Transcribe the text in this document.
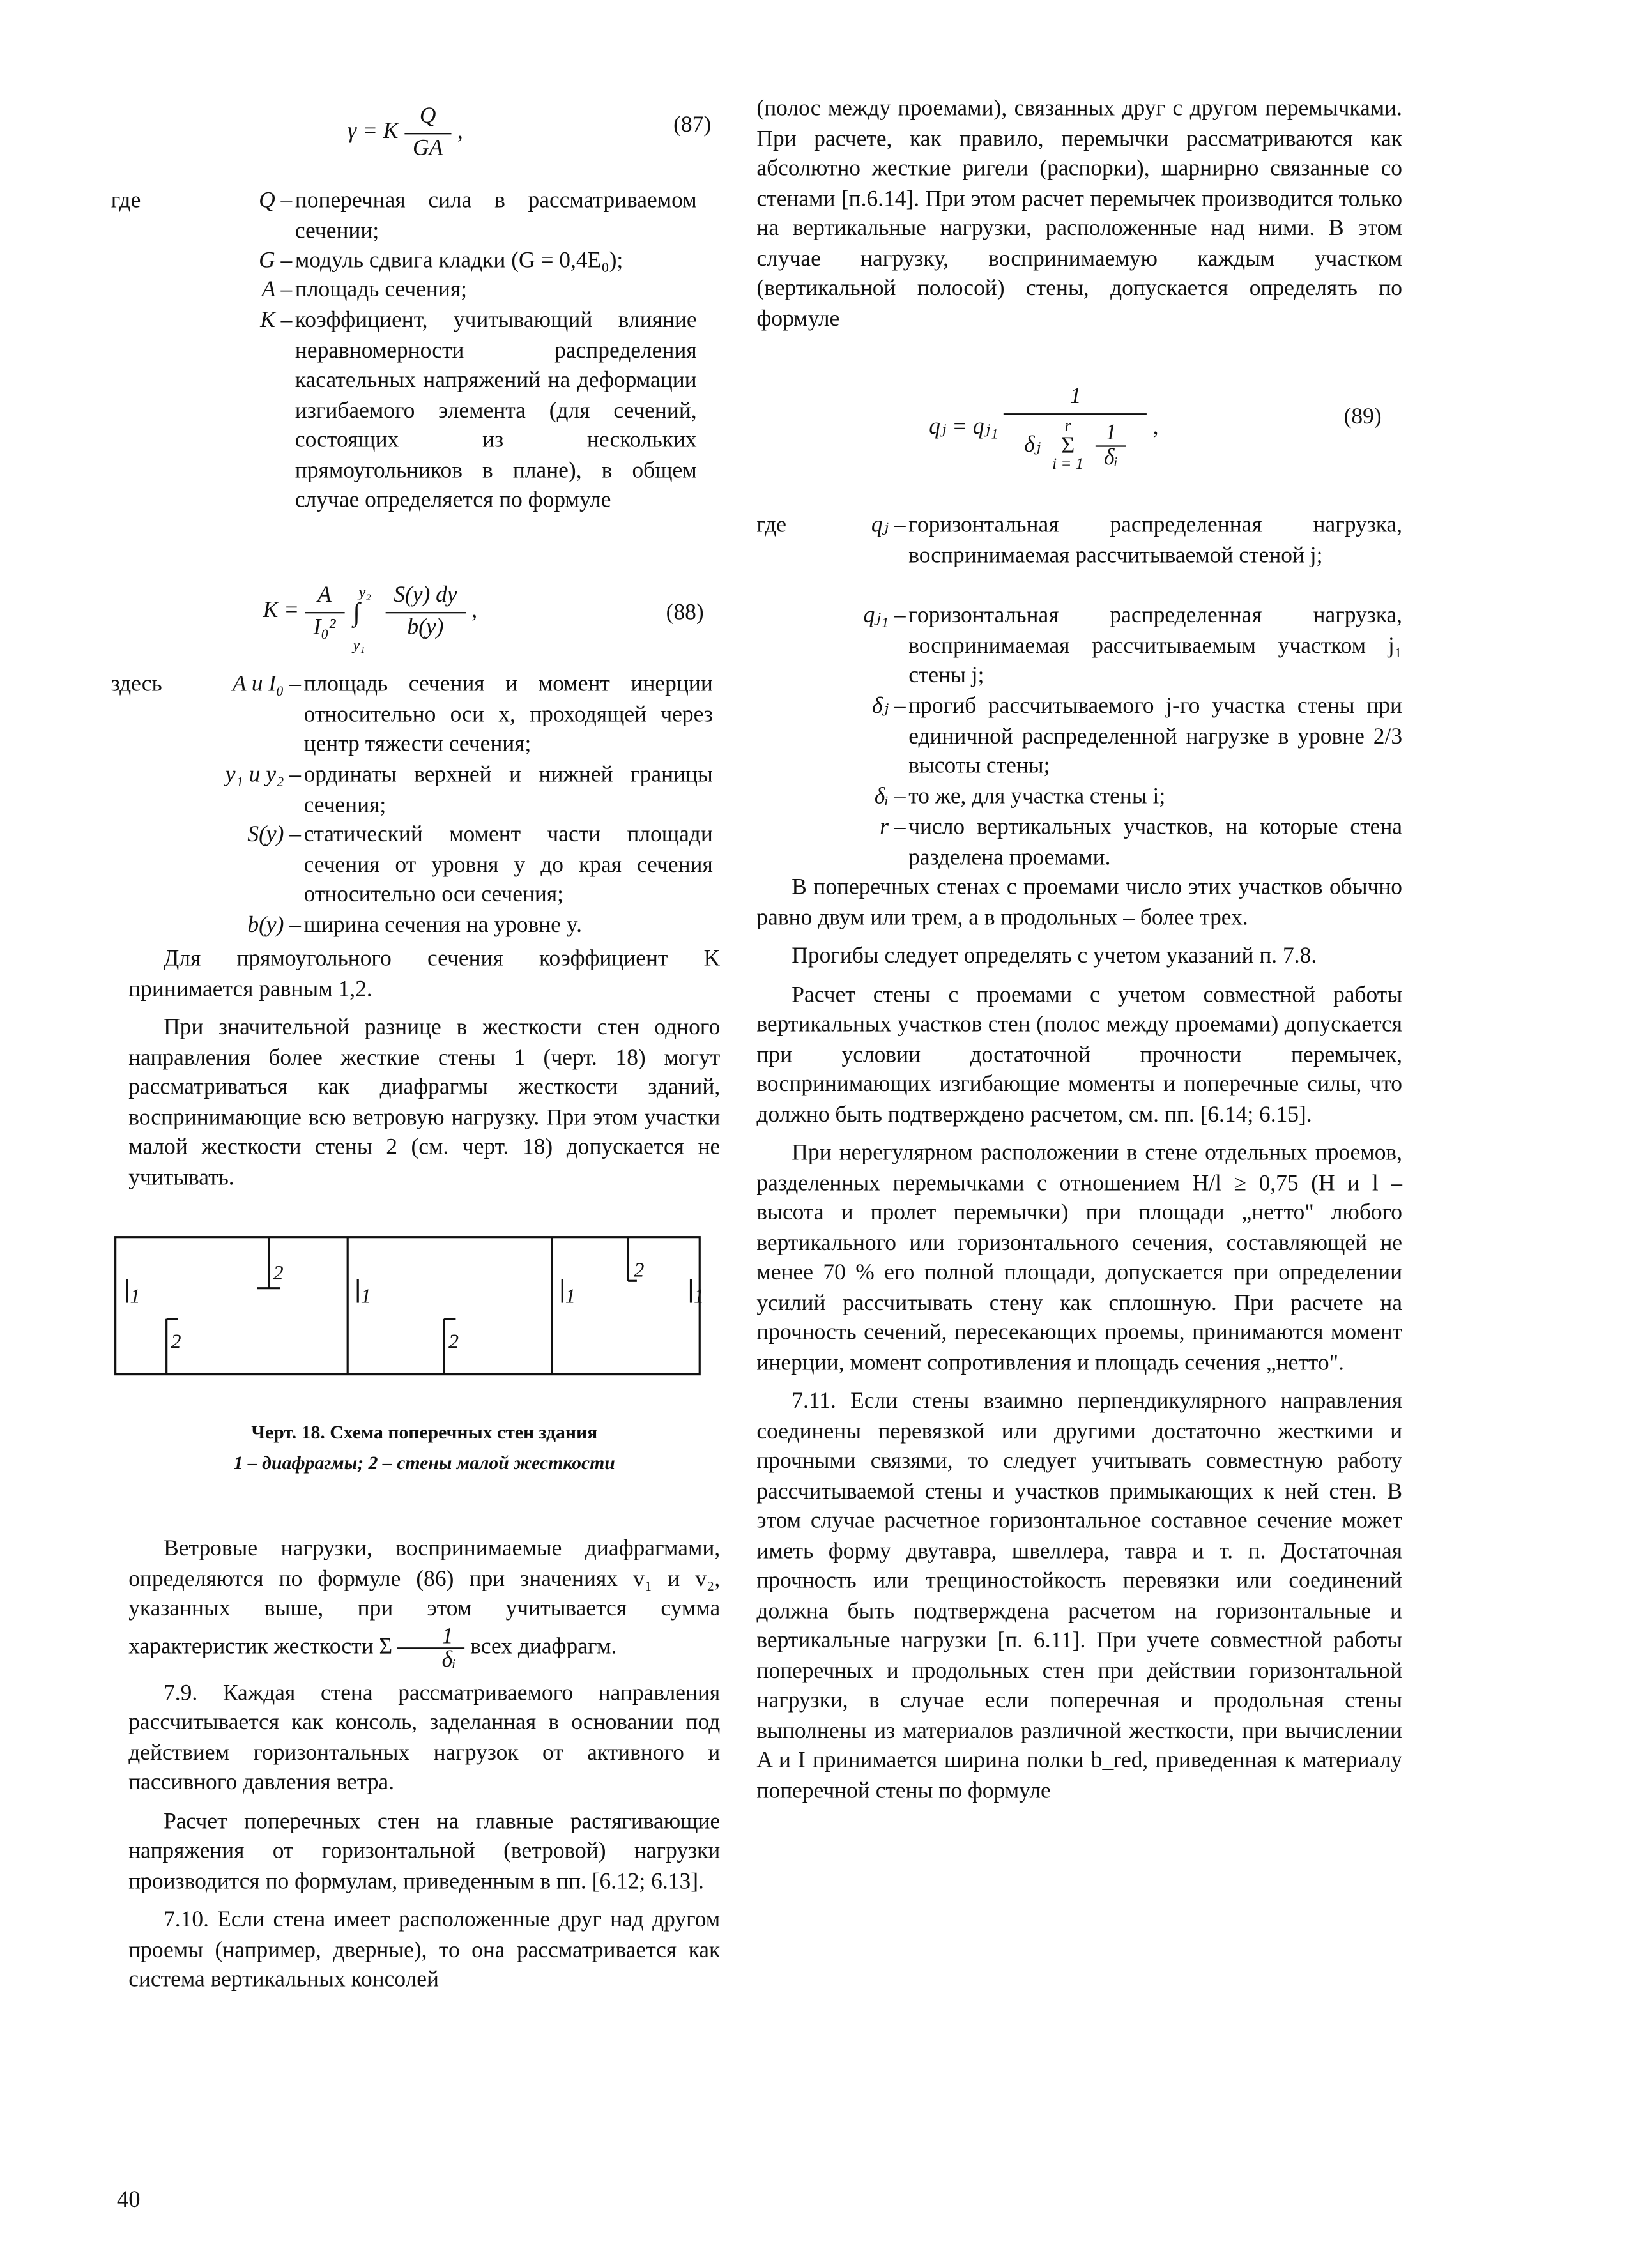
γ = K $\frac{Q}{GA}$ ,	(87)
где	Q – поперечная сила в рассматриваемом сечении;
G – модуль сдвига кладки (G = 0,4E₀);
A – площадь сечения;
K – коэффициент, учитывающий влияние неравномерности распределения касательных напряжений на деформации изгибаемого элемента (для сечений, состоящих из нескольких прямоугольников в плане), в общем случае определяется по формуле
$K = \frac{A}{\text{I₀²}}$
y₂
∫
y₁

$\frac{S(y) dy}{b(y)}$ ,	(88)
здесь	A и I₀ – площадь сечения и момент инерции относительно оси x, проходящей через центр тяжести сечения;
y₁ и y₂ – ординаты верхней и нижней границы сечения;
S(y) – статический момент части площади сечения от уровня y до края сечения относительно оси сечения;
b(y) – ширина сечения на уровне y.

Для прямоугольного сечения коэффициент K принимается равным 1,2.

При значительной разнице в жесткости стен одного направления более жесткие стены 1 (черт. 18) могут рассматриваться как диафрагмы жесткости зданий, воспринимающие всю ветровую нагрузку. При этом участки малой жесткости стены 2 (см. черт. 18) допускается не учитывать.

1	1	1	1
2
2	2
2
Черт. 18. Схема поперечных стен здания
1 – диафрагмы; 2 – стены малой жесткости

Ветровые нагрузки, воспринимаемые диафрагмами, определяются по формуле (86) при значениях v₁ и v₂, указанных выше, при этом учитывается сумма характеристик жесткости Σ $\frac{1}{\text{δᵢ}}$ всех диафрагм.

7.9. Каждая стена рассматриваемого направления рассчитывается как консоль, заделанная в основании под действием горизонтальных нагрузок от активного и пассивного давления ветра.

Расчет поперечных стен на главные растягивающие напряжения от горизонтальной (ветровой) нагрузки производится по формулам, приведенным в пп. [6.12; 6.13].

7.10. Если стена имеет расположенные друг над другом проемы (например, дверные), то она рассматривается как система вертикальных консолей

(полос между проемами), связанных друг с другом перемычками. При расчете, как правило, перемычки рассматриваются как абсолютно жесткие ригели (распорки), шарнирно связанные со стенами [п.6.14]. При этом расчет перемычек производится только на вертикальные нагрузки, расположенные над ними. В этом случае нагрузку, воспринимаемую каждым участком (вертикальной полосой) стены, допускается определять по формуле

qⱼ = qⱼ₁
1
δⱼ
r
Σ
i = 1
$\frac{1}{\text{δᵢ}}$	,	(89)
где	qⱼ – горизонтальная распределенная нагрузка, воспринимаемая рассчитываемой стеной j;
qⱼ₁ – горизонтальная распределенная нагрузка, воспринимаемая рассчитываемым участком j₁ стены j;
δⱼ – прогиб рассчитываемого j-го участка стены при единичной распределенной нагрузке в уровне 2/3 высоты стены;
δᵢ – то же, для участка стены i;
r – число вертикальных участков, на которые стена разделена проемами.

В поперечных стенах с проемами число этих участков обычно равно двум или трем, а в продольных – более трех.

Прогибы следует определять с учетом указаний п. 7.8.

Расчет стены с проемами с учетом совместной работы вертикальных участков стен (полос между проемами) допускается при условии достаточной прочности перемычек, воспринимающих изгибающие моменты и поперечные силы, что должно быть подтверждено расчетом, см. пп. [6.14; 6.15].

При нерегулярном расположении в стене отдельных проемов, разделенных перемычками с отношением H/l ≥ 0,75 (H и l – высота и пролет перемычки) при площади „нетто" любого вертикального или горизонтального сечения, составляющей не менее 70 % его полной площади, допускается при определении усилий рассчитывать стену как сплошную. При расчете на прочность сечений, пересекающих проемы, принимаются момент инерции, момент сопротивления и площадь сечения „нетто".

7.11. Если стены взаимно перпендикулярного направления соединены перевязкой или другими достаточно жесткими и прочными связями, то следует учитывать совместную работу рассчитываемой стены и участков примыкающих к ней стен. В этом случае расчетное горизонтальное составное сечение может иметь форму двутавра, швеллера, тавра и т. п. Достаточная прочность или трещиностойкость перевязки или соединений должна быть подтверждена расчетом на горизонтальные и вертикальные нагрузки [п. 6.11]. При учете совместной работы поперечных и продольных стен при действии горизонтальной нагрузки, в случае если поперечная и продольная стены выполнены из материалов различной жесткости, при вычислении A и I принимается ширина полки b_red, приведенная к материалу поперечной стены по формуле

40
